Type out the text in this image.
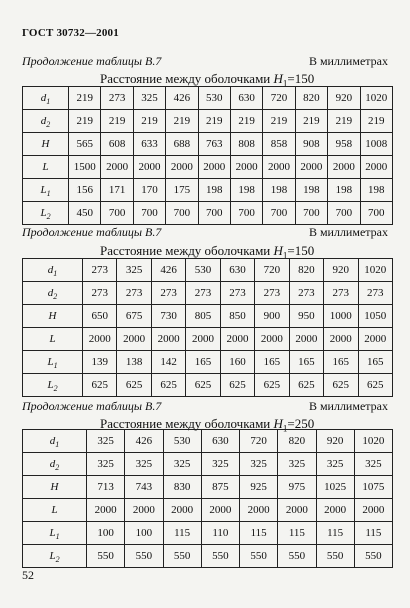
ГОСТ 30732—2001
Продолжение таблицы В.7	В миллиметрах
Расстояние между оболочками $H_1=150$
$d_1$	219	273	325	426	530	630	720	820	920	1020
$d_2$	219	219	219	219	219	219	219	219	219	219
H	565	608	633	688	763	808	858	908	958	1008
L	1500	2000	2000	2000	2000	2000	2000	2000	2000	2000
$L_1$	156	171	170	175	198	198	198	198	198	198
$L_2$	450	700	700	700	700	700	700	700	700	700
Продолжение таблицы В.7	В миллиметрах
Расстояние между оболочками $H_1=150$
$d_1$	273	325	426	530	630	720	820	920	1020
$d_2$	273	273	273	273	273	273	273	273	273
H	650	675	730	805	850	900	950	1000	1050
L	2000	2000	2000	2000	2000	2000	2000	2000	2000
$L_1$	139	138	142	165	160	165	165	165	165
$L_2$	625	625	625	625	625	625	625	625	625
Продолжение таблицы В.7	В миллиметрах
Расстояние между оболочками $H_1=250$
$d_1$	325	426	530	630	720	820	920	1020
$d_2$	325	325	325	325	325	325	325	325
H	713	743	830	875	925	975	1025	1075
L	2000	2000	2000	2000	2000	2000	2000	2000
$L_1$	100	100	115	110	115	115	115	115
$L_2$	550	550	550	550	550	550	550	550
52
